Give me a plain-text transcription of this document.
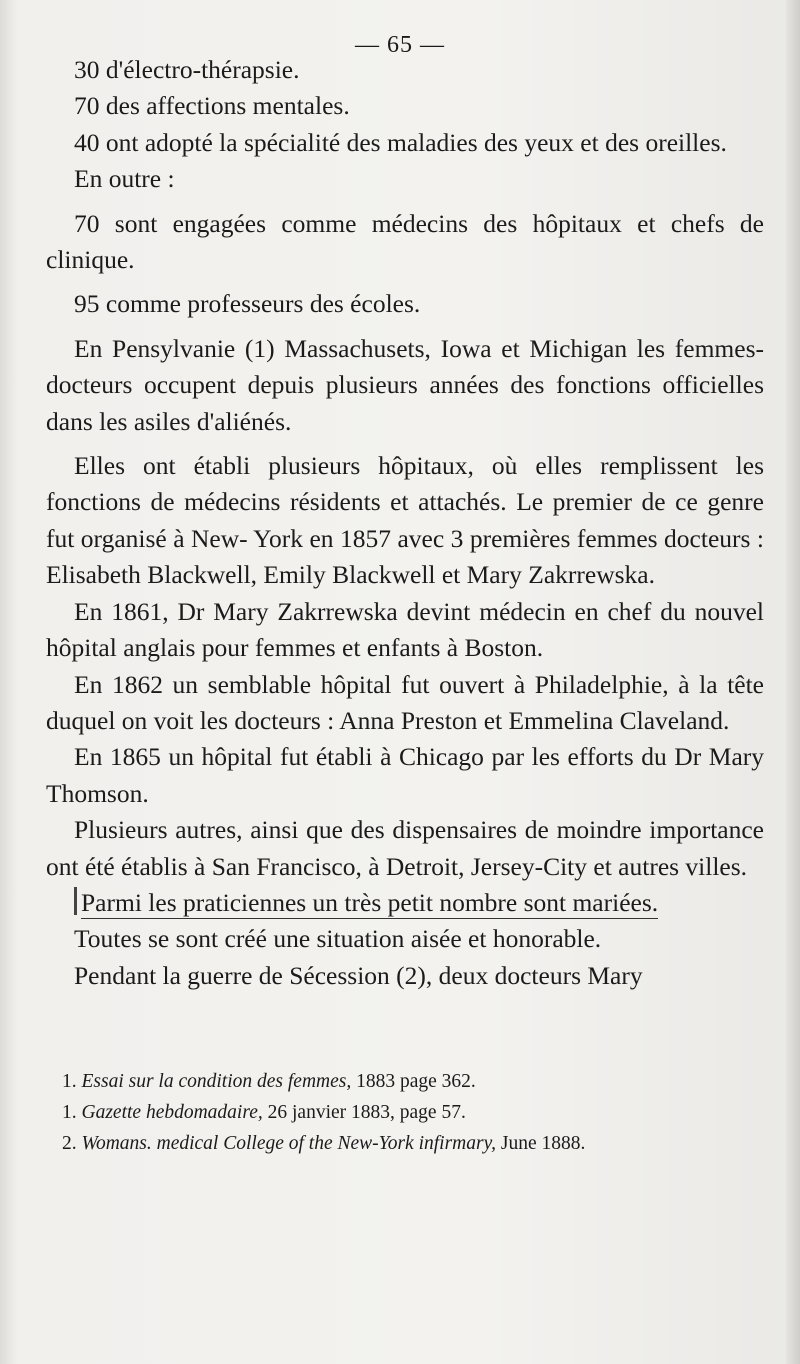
— 65 —

30 d'électro-thérapsie.

70 des affections mentales.

40 ont adopté la spécialité des maladies des yeux et des oreilles.

En outre :

70 sont engagées comme médecins des hôpitaux et chefs de clinique.

95 comme professeurs des écoles.

En Pensylvanie (1) Massachusets, Iowa et Michigan les femmes-docteurs occupent depuis plusieurs années des fonctions officielles dans les asiles d'aliénés.

Elles ont établi plusieurs hôpitaux, où elles remplissent les fonctions de médecins résidents et attachés. Le premier de ce genre fut organisé à New- York en 1857 avec 3 premières femmes docteurs : Elisabeth Blackwell, Emily Blackwell et Mary Zakrrewska.

En 1861, Dr Mary Zakrrewska devint médecin en chef du nouvel hôpital anglais pour femmes et enfants à Boston.

En 1862 un semblable hôpital fut ouvert à Philadelphie, à la tête duquel on voit les docteurs : Anna Preston et Emmelina Claveland.

En 1865 un hôpital fut établi à Chicago par les efforts du Dr Mary Thomson.

Plusieurs autres, ainsi que des dispensaires de moindre importance ont été établis à San Francisco, à Detroit, Jersey-City et autres villes.

Parmi les praticiennes un très petit nombre sont mariées.

Toutes se sont créé une situation aisée et honorable.

Pendant la guerre de Sécession (2), deux docteurs Mary

1. Essai sur la condition des femmes, 1883 page 362.

1. Gazette hebdomadaire, 26 janvier 1883, page 57.

2. Womans. medical College of the New-York infirmary, June 1888.
